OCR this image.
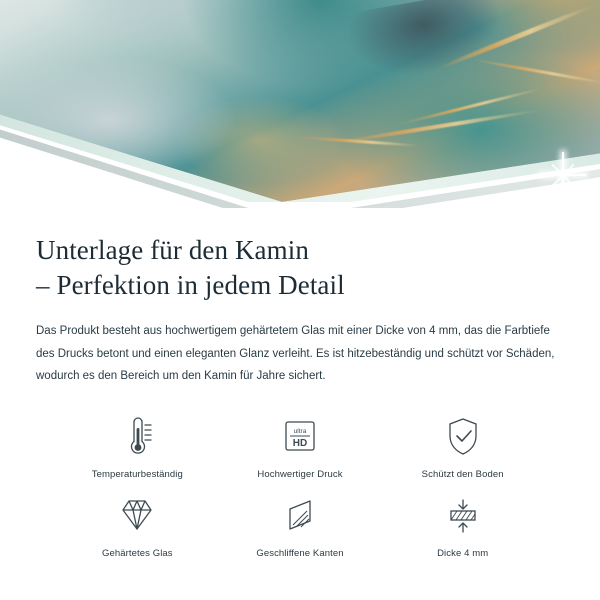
Unterlage für den Kamin
– Perfektion in jedem Detail

Das Produkt besteht aus hochwertigem gehärtetem Glas mit einer Dicke von 4 mm, das die Farbtiefe des Drucks betont und einen eleganten Glanz verleiht. Es ist hitzebeständig und schützt vor Schäden, wodurch es den Bereich um den Kamin für Jahre sichert.

Temperaturbeständig
ultra
HD
Hochwertiger Druck	Schützt den Boden
Gehärtetes Glas	Geschliffene Kanten	Dicke 4 mm
